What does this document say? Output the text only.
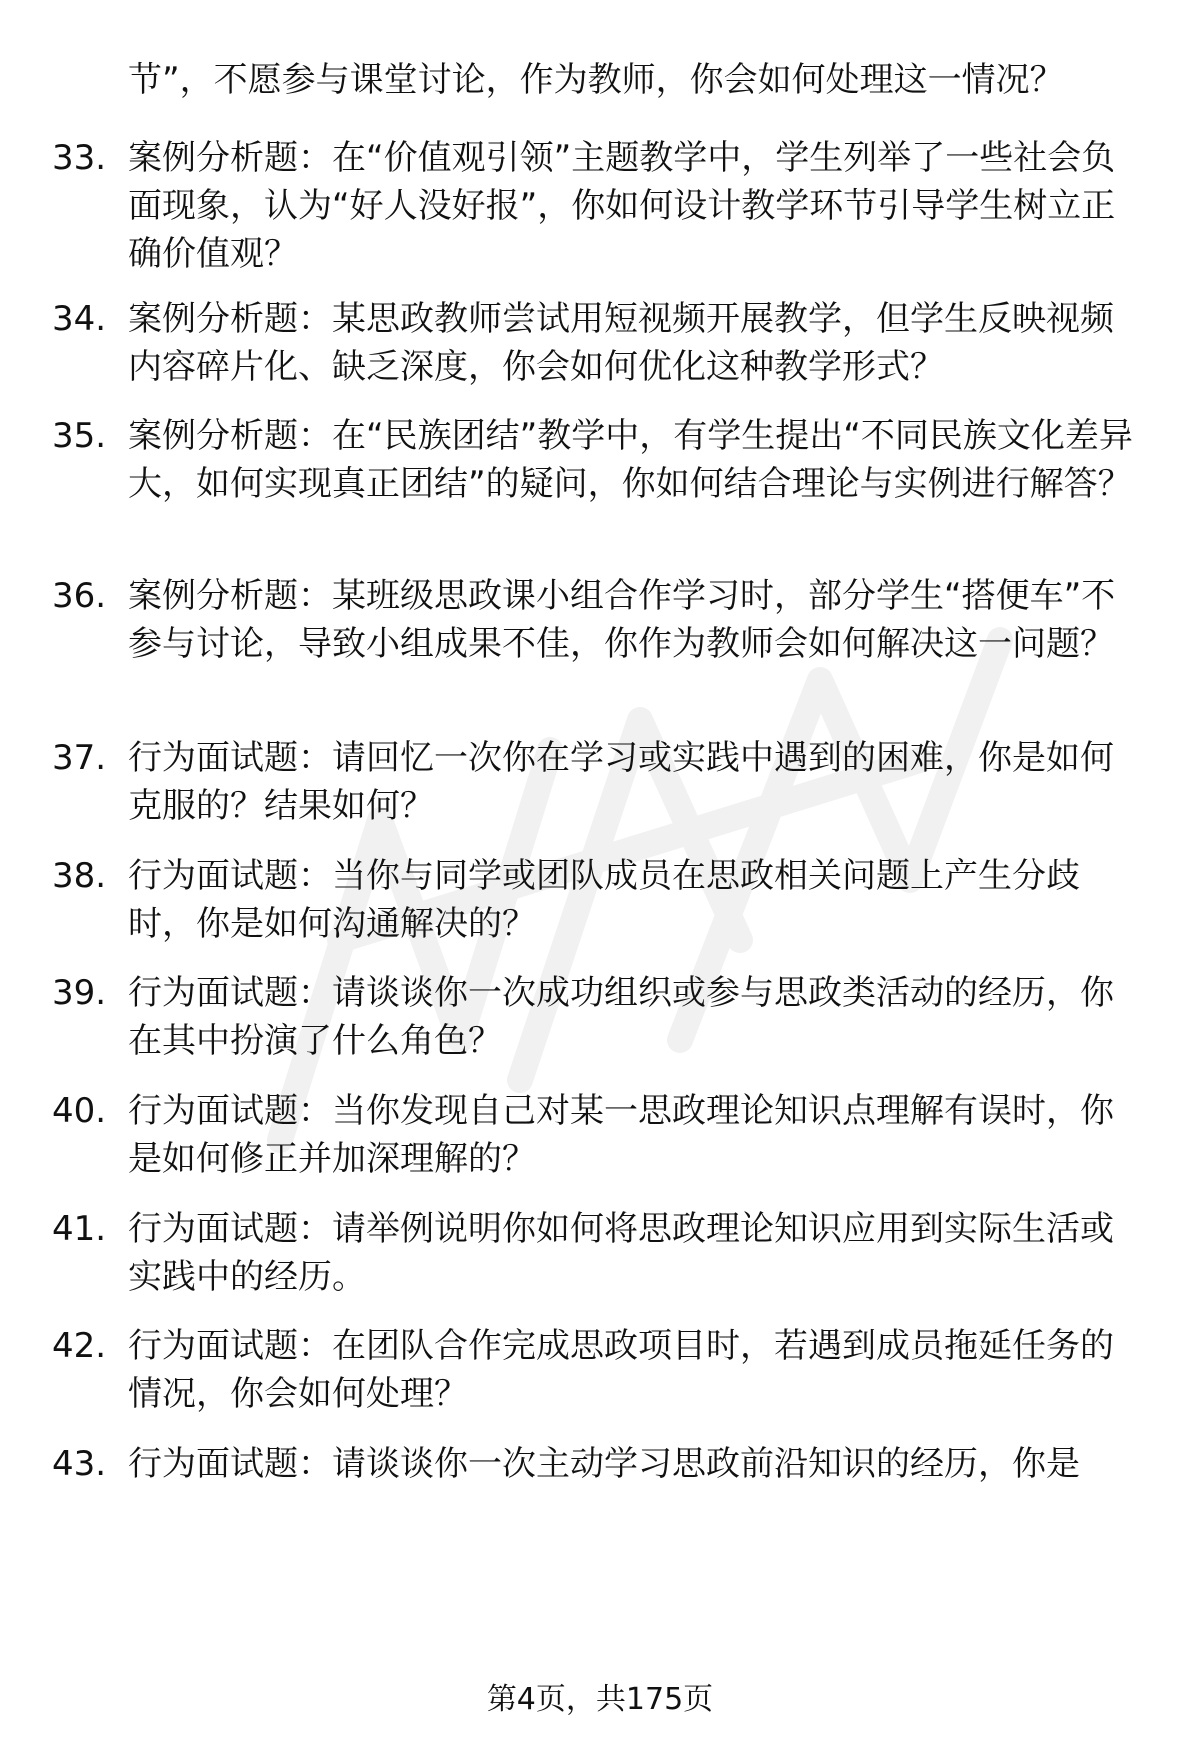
节”，不愿参与课堂讨论，作为教师，你会如何处理这一情况？
33. 案例分析题：在“价值观引领”主题教学中，学生列举了一些社会负面现象，认为“好人没好报”，你如何设计教学环节引导学生树立正确价值观？
34. 案例分析题：某思政教师尝试用短视频开展教学，但学生反映视频内容碎片化、缺乏深度，你会如何优化这种教学形式？
35. 案例分析题：在“民族团结”教学中，有学生提出“不同民族文化差异大，如何实现真正团结”的疑问，你如何结合理论与实例进行解答？
36. 案例分析题：某班级思政课小组合作学习时，部分学生“搭便车”不参与讨论，导致小组成果不佳，你作为教师会如何解决这一问题？
37. 行为面试题：请回忆一次你在学习或实践中遇到的困难，你是如何克服的？结果如何？
38. 行为面试题：当你与同学或团队成员在思政相关问题上产生分歧时，你是如何沟通解决的？
39. 行为面试题：请谈谈你一次成功组织或参与思政类活动的经历，你在其中扮演了什么角色？
40. 行为面试题：当你发现自己对某一思政理论知识点理解有误时，你是如何修正并加深理解的？
41. 行为面试题：请举例说明你如何将思政理论知识应用到实际生活或实践中的经历。
42. 行为面试题：在团队合作完成思政项目时，若遇到成员拖延任务的情况，你会如何处理？
43. 行为面试题：请谈谈你一次主动学习思政前沿知识的经历，你是
第4页，共175页
